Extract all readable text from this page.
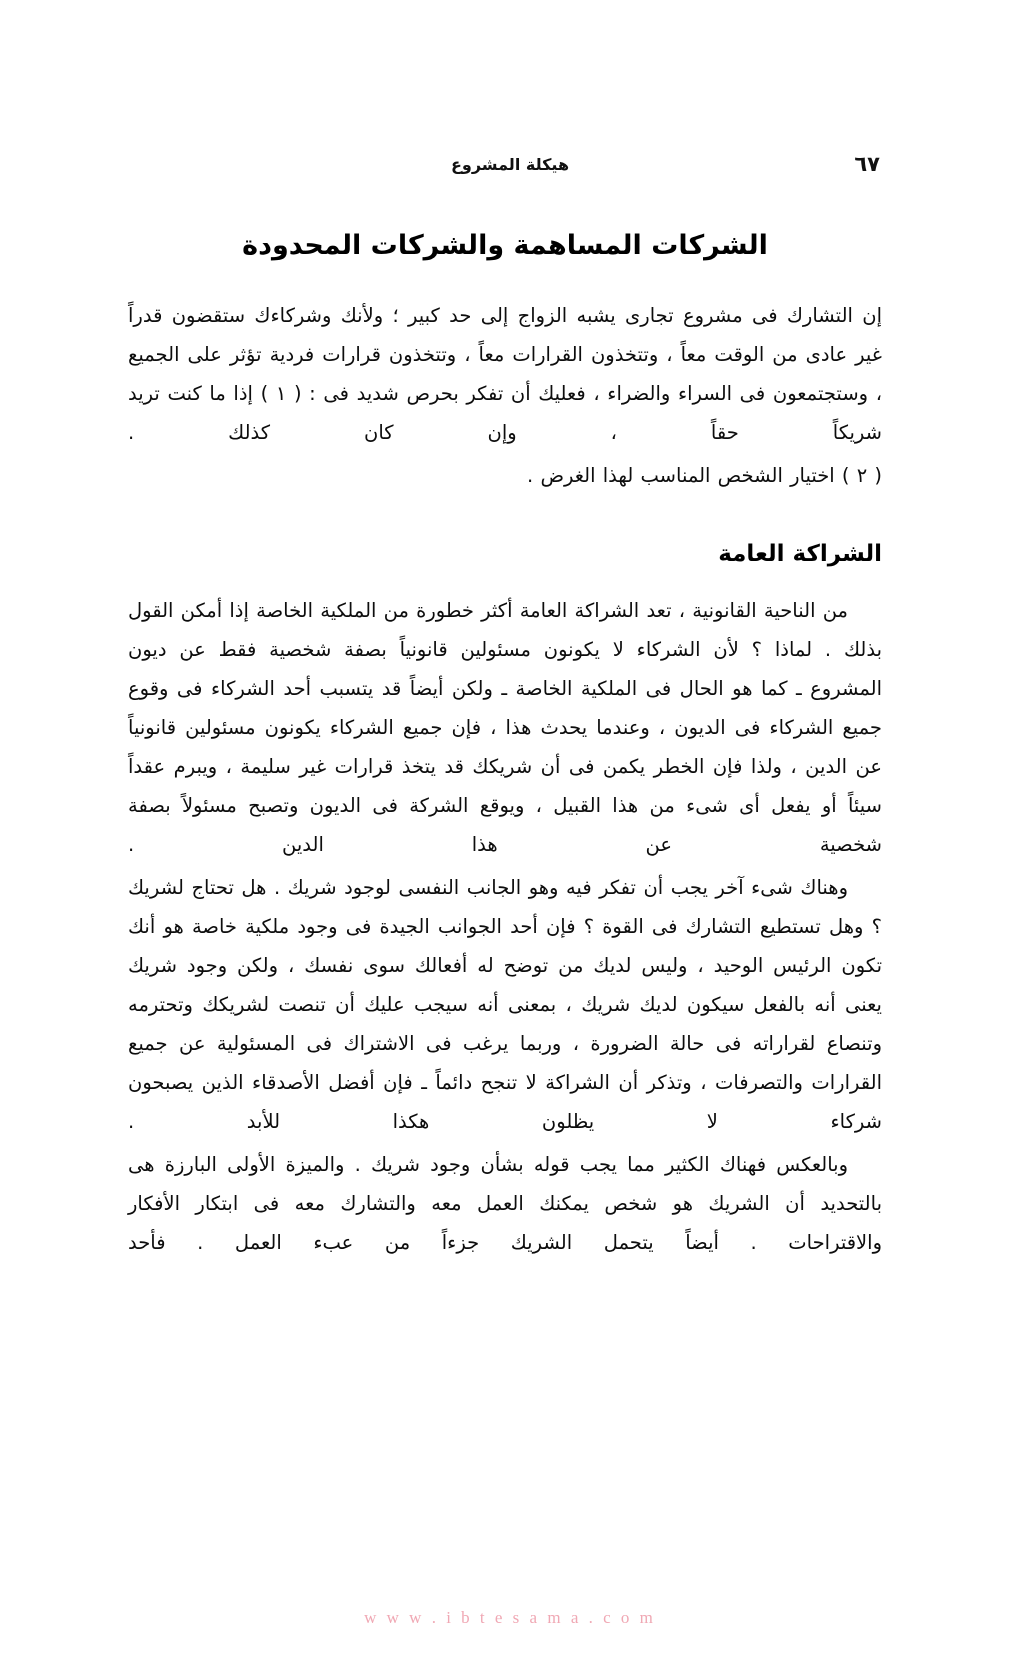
٦٧
هيكلة المشروع
الشركات المساهمة والشركات المحدودة

إن التشارك فى مشروع تجارى يشبه الزواج إلى حد كبير ؛ ولأنك وشركاءك ستقضون قدراً غير عادى من الوقت معاً ، وتتخذون القرارات معاً ، وتتخذون قرارات فردية تؤثر على الجميع ، وستجتمعون فى السراء والضراء ، فعليك أن تفكر بحرص شديد فى : ( ١ ) إذا ما كنت تريد شريكاً حقاً ، وإن كان كذلك .

( ٢ ) اختيار الشخص المناسب لهذا الغرض .

الشراكة العامة

من الناحية القانونية ، تعد الشراكة العامة أكثر خطورة من الملكية الخاصة إذا أمكن القول بذلك . لماذا ؟ لأن الشركاء لا يكونون مسئولين قانونياً بصفة شخصية فقط عن ديون المشروع ـ كما هو الحال فى الملكية الخاصة ـ ولكن أيضاً قد يتسبب أحد الشركاء فى وقوع جميع الشركاء فى الديون ، وعندما يحدث هذا ، فإن جميع الشركاء يكونون مسئولين قانونياً عن الدين ، ولذا فإن الخطر يكمن فى أن شريكك قد يتخذ قرارات غير سليمة ، ويبرم عقداً سيئاً أو يفعل أى شىء من هذا القبيل ، ويوقع الشركة فى الديون وتصبح مسئولاً بصفة شخصية عن هذا الدين .

وهناك شىء آخر يجب أن تفكر فيه وهو الجانب النفسى لوجود شريك . هل تحتاج لشريك ؟ وهل تستطيع التشارك فى القوة ؟ فإن أحد الجوانب الجيدة فى وجود ملكية خاصة هو أنك تكون الرئيس الوحيد ، وليس لديك من توضح له أفعالك سوى نفسك ، ولكن وجود شريك يعنى أنه بالفعل سيكون لديك شريك ، بمعنى أنه سيجب عليك أن تنصت لشريكك وتحترمه وتنصاع لقراراته فى حالة الضرورة ، وربما يرغب فى الاشتراك فى المسئولية عن جميع القرارات والتصرفات ، وتذكر أن الشراكة لا تنجح دائماً ـ فإن أفضل الأصدقاء الذين يصبحون شركاء لا يظلون هكذا للأبد .

وبالعكس فهناك الكثير مما يجب قوله بشأن وجود شريك . والميزة الأولى البارزة هى بالتحديد أن الشريك هو شخص يمكنك العمل معه والتشارك معه فى ابتكار الأفكار والاقتراحات . أيضاً يتحمل الشريك جزءاً من عبء العمل . فأحد

w w w . i b t e s a m a . c o m
